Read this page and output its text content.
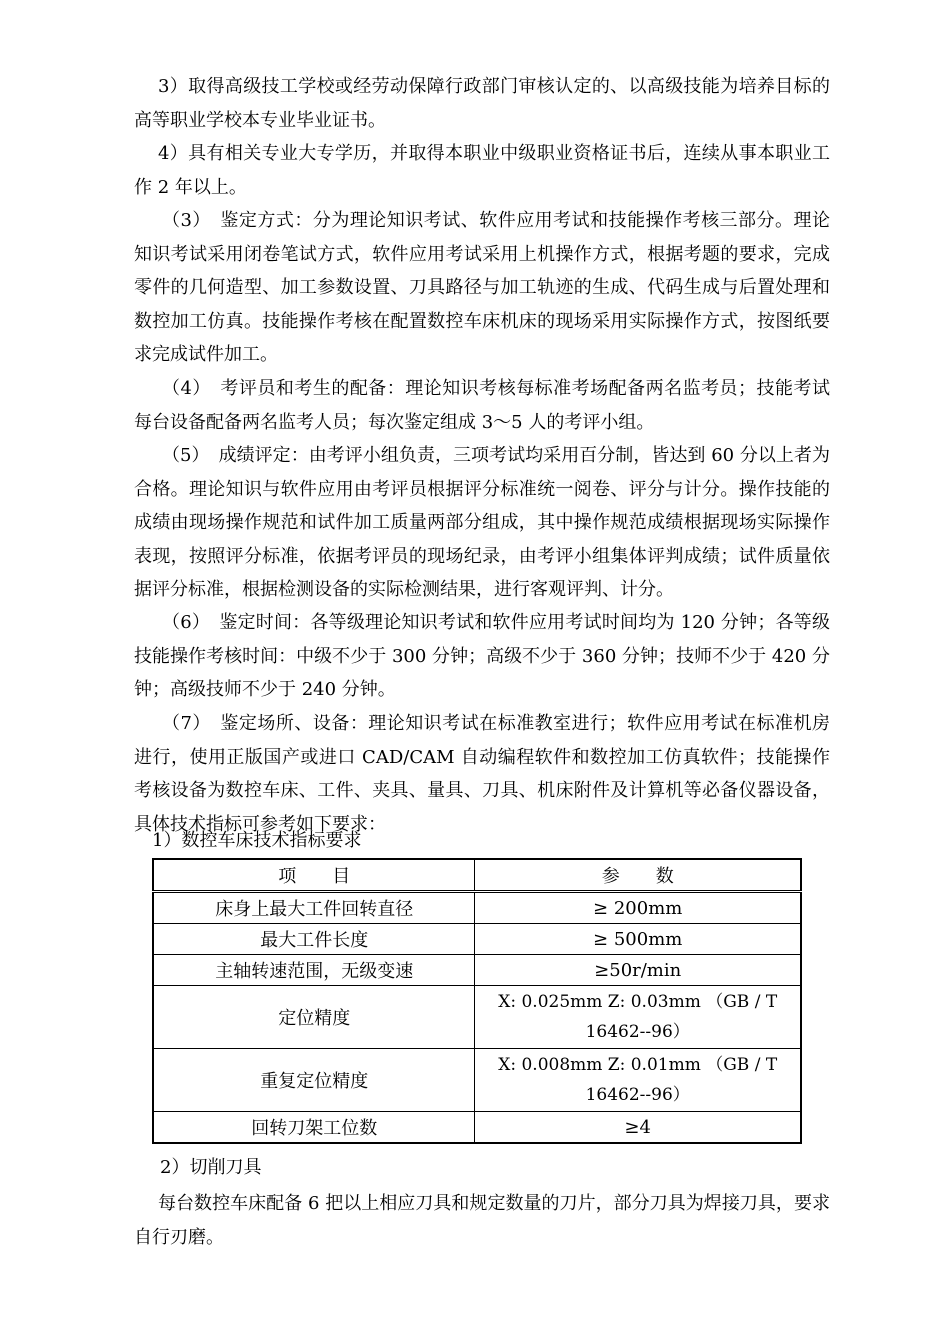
3）取得高级技工学校或经劳动保障行政部门审核认定的、以高级技能为培养目标的高等职业学校本专业毕业证书。

4）具有相关专业大专学历，并取得本职业中级职业资格证书后，连续从事本职业工作 2 年以上。

（3）　鉴定方式：分为理论知识考试、软件应用考试和技能操作考核三部分。理论知识考试采用闭卷笔试方式，软件应用考试采用上机操作方式，根据考题的要求，完成零件的几何造型、加工参数设置、刀具路径与加工轨迹的生成、代码生成与后置处理和数控加工仿真。技能操作考核在配置数控车床机床的现场采用实际操作方式，按图纸要求完成试件加工。

（4）　考评员和考生的配备：理论知识考核每标准考场配备两名监考员；技能考试每台设备配备两名监考人员；每次鉴定组成 3～5 人的考评小组。

（5）　成绩评定：由考评小组负责，三项考试均采用百分制，皆达到 60 分以上者为合格。理论知识与软件应用由考评员根据评分标准统一阅卷、评分与计分。操作技能的成绩由现场操作规范和试件加工质量两部分组成，其中操作规范成绩根据现场实际操作表现，按照评分标准，依据考评员的现场纪录，由考评小组集体评判成绩；试件质量依据评分标准，根据检测设备的实际检测结果，进行客观评判、计分。

（6）　鉴定时间：各等级理论知识考试和软件应用考试时间均为 120 分钟；各等级技能操作考核时间：中级不少于 300 分钟；高级不少于 360 分钟；技师不少于 420 分钟；高级技师不少于 240 分钟。

（7）　鉴定场所、设备：理论知识考试在标准教室进行；软件应用考试在标准机房进行，使用正版国产或进口 CAD/CAM 自动编程软件和数控加工仿真软件；技能操作考核设备为数控车床、工件、夹具、量具、刀具、机床附件及计算机等必备仪器设备，具体技术指标可参考如下要求：

1）数控车床技术指标要求

项　　目	参　　数
床身上最大工件回转直径	≥ 200mm
最大工件长度	≥ 500mm
主轴转速范围，无级变速	≥50r/min
定位精度	X: 0.025mm Z: 0.03mm （GB / T
16462--96）

重复定位精度	X: 0.008mm Z: 0.01mm （GB / T
16462--96）

回转刀架工位数	≥4

2）切削刀具

每台数控车床配备 6 把以上相应刀具和规定数量的刀片，部分刀具为焊接刀具，要求自行刃磨。
